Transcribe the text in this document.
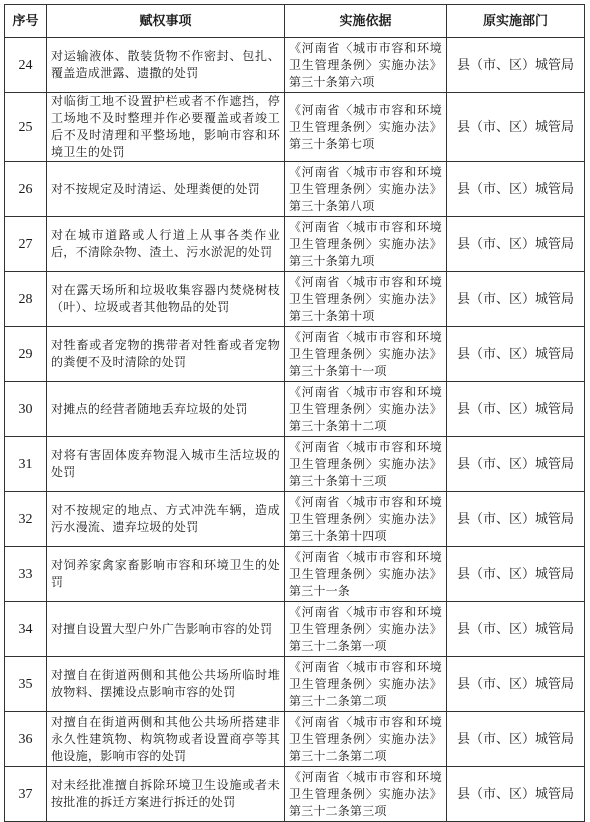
序号	赋权事项	实施依据	原实施部门
24	对运输液体、散装货物不作密封、包扎、覆盖造成泄露、遗撒的处罚	《河南省〈城市市容和环境卫生管理条例〉实施办法》第三十条第六项	县（市、区）城管局
25	对临街工地不设置护栏或者不作遮挡，停工场地不及时整理并作必要覆盖或者竣工后不及时清理和平整场地，影响市容和环境卫生的处罚	《河南省〈城市市容和环境卫生管理条例〉实施办法》第三十条第七项	县（市、区）城管局
26	对不按规定及时清运、处理粪便的处罚	《河南省〈城市市容和环境卫生管理条例〉实施办法》第三十条第八项	县（市、区）城管局
27	对在城市道路或人行道上从事各类作业后，不清除杂物、渣土、污水淤泥的处罚	《河南省〈城市市容和环境卫生管理条例〉实施办法》第三十条第九项	县（市、区）城管局
28	对在露天场所和垃圾收集容器内焚烧树枝（叶）、垃圾或者其他物品的处罚	《河南省〈城市市容和环境卫生管理条例〉实施办法》第三十条第十项	县（市、区）城管局
29	对牲畜或者宠物的携带者对牲畜或者宠物的粪便不及时清除的处罚	《河南省〈城市市容和环境卫生管理条例〉实施办法》第三十条第十一项	县（市、区）城管局
30	对摊点的经营者随地丢弃垃圾的处罚	《河南省〈城市市容和环境卫生管理条例〉实施办法》第三十条第十二项	县（市、区）城管局
31	对将有害固体废弃物混入城市生活垃圾的处罚	《河南省〈城市市容和环境卫生管理条例〉实施办法》第三十条第十三项	县（市、区）城管局
32	对不按规定的地点、方式冲洗车辆，造成污水漫流、遗弃垃圾的处罚	《河南省〈城市市容和环境卫生管理条例〉实施办法》第三十条第十四项	县（市、区）城管局
33	对饲养家禽家畜影响市容和环境卫生的处罚	《河南省〈城市市容和环境卫生管理条例〉实施办法》第三十一条	县（市、区）城管局
34	对擅自设置大型户外广告影响市容的处罚	《河南省〈城市市容和环境卫生管理条例〉实施办法》第三十二条第一项	县（市、区）城管局
35	对擅自在街道两侧和其他公共场所临时堆放物料、摆摊设点影响市容的处罚	《河南省〈城市市容和环境卫生管理条例〉实施办法》第三十二条第二项	县（市、区）城管局
36	对擅自在街道两侧和其他公共场所搭建非永久性建筑物、构筑物或者设置商亭等其他设施，影响市容的处罚	《河南省〈城市市容和环境卫生管理条例〉实施办法》第三十二条第二项	县（市、区）城管局
37	对未经批准擅自拆除环境卫生设施或者未按批准的拆迁方案进行拆迁的处罚	《河南省〈城市市容和环境卫生管理条例〉实施办法》第三十二条第三项	县（市、区）城管局
